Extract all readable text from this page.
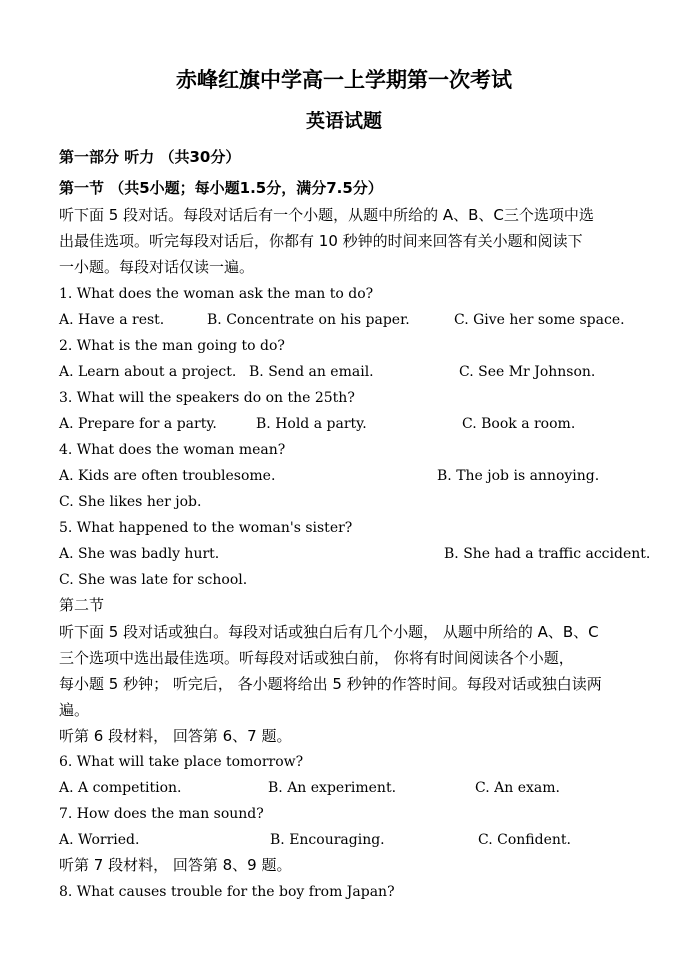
赤峰红旗中学高一上学期第一次考试
英语试题
第一部分 听力 （共30分）
第一节 （共5小题；每小题1.5分，满分7.5分）
听下面 5 段对话。每段对话后有一个小题，从题中所给的 A、B、C三个选项中选
出最佳选项。听完每段对话后，你都有 10 秒钟的时间来回答有关小题和阅读下
一小题。每段对话仅读一遍。
1. What does the woman ask the man to do?
A. Have a rest.	B. Concentrate on his paper.	C. Give her some space.
2. What is the man going to do?
A. Learn about a project. B. Send an email.	C. See Mr Johnson.
3. What will the speakers do on the 25th?
A. Prepare for a party.	B. Hold a party.	C. Book a room.
4. What does the woman mean?
A. Kids are often troublesome.	B. The job is annoying.
C. She likes her job.
5. What happened to the woman's sister?
A. She was badly hurt.	B. She had a traffic accident.
C. She was late for school.
第二节
听下面 5 段对话或独白。每段对话或独白后有几个小题， 从题中所给的 A、B、C
三个选项中选出最佳选项。听每段对话或独白前， 你将有时间阅读各个小题，
每小题 5 秒钟； 听完后， 各小题将给出 5 秒钟的作答时间。每段对话或独白读两
遍。
听第 6 段材料， 回答第 6、7 题。
6. What will take place tomorrow?
A. A competition.	B. An experiment.	C. An exam.
7. How does the man sound?
A. Worried.	B. Encouraging.	C. Confident.
听第 7 段材料， 回答第 8、9 题。
8. What causes trouble for the boy from Japan?
